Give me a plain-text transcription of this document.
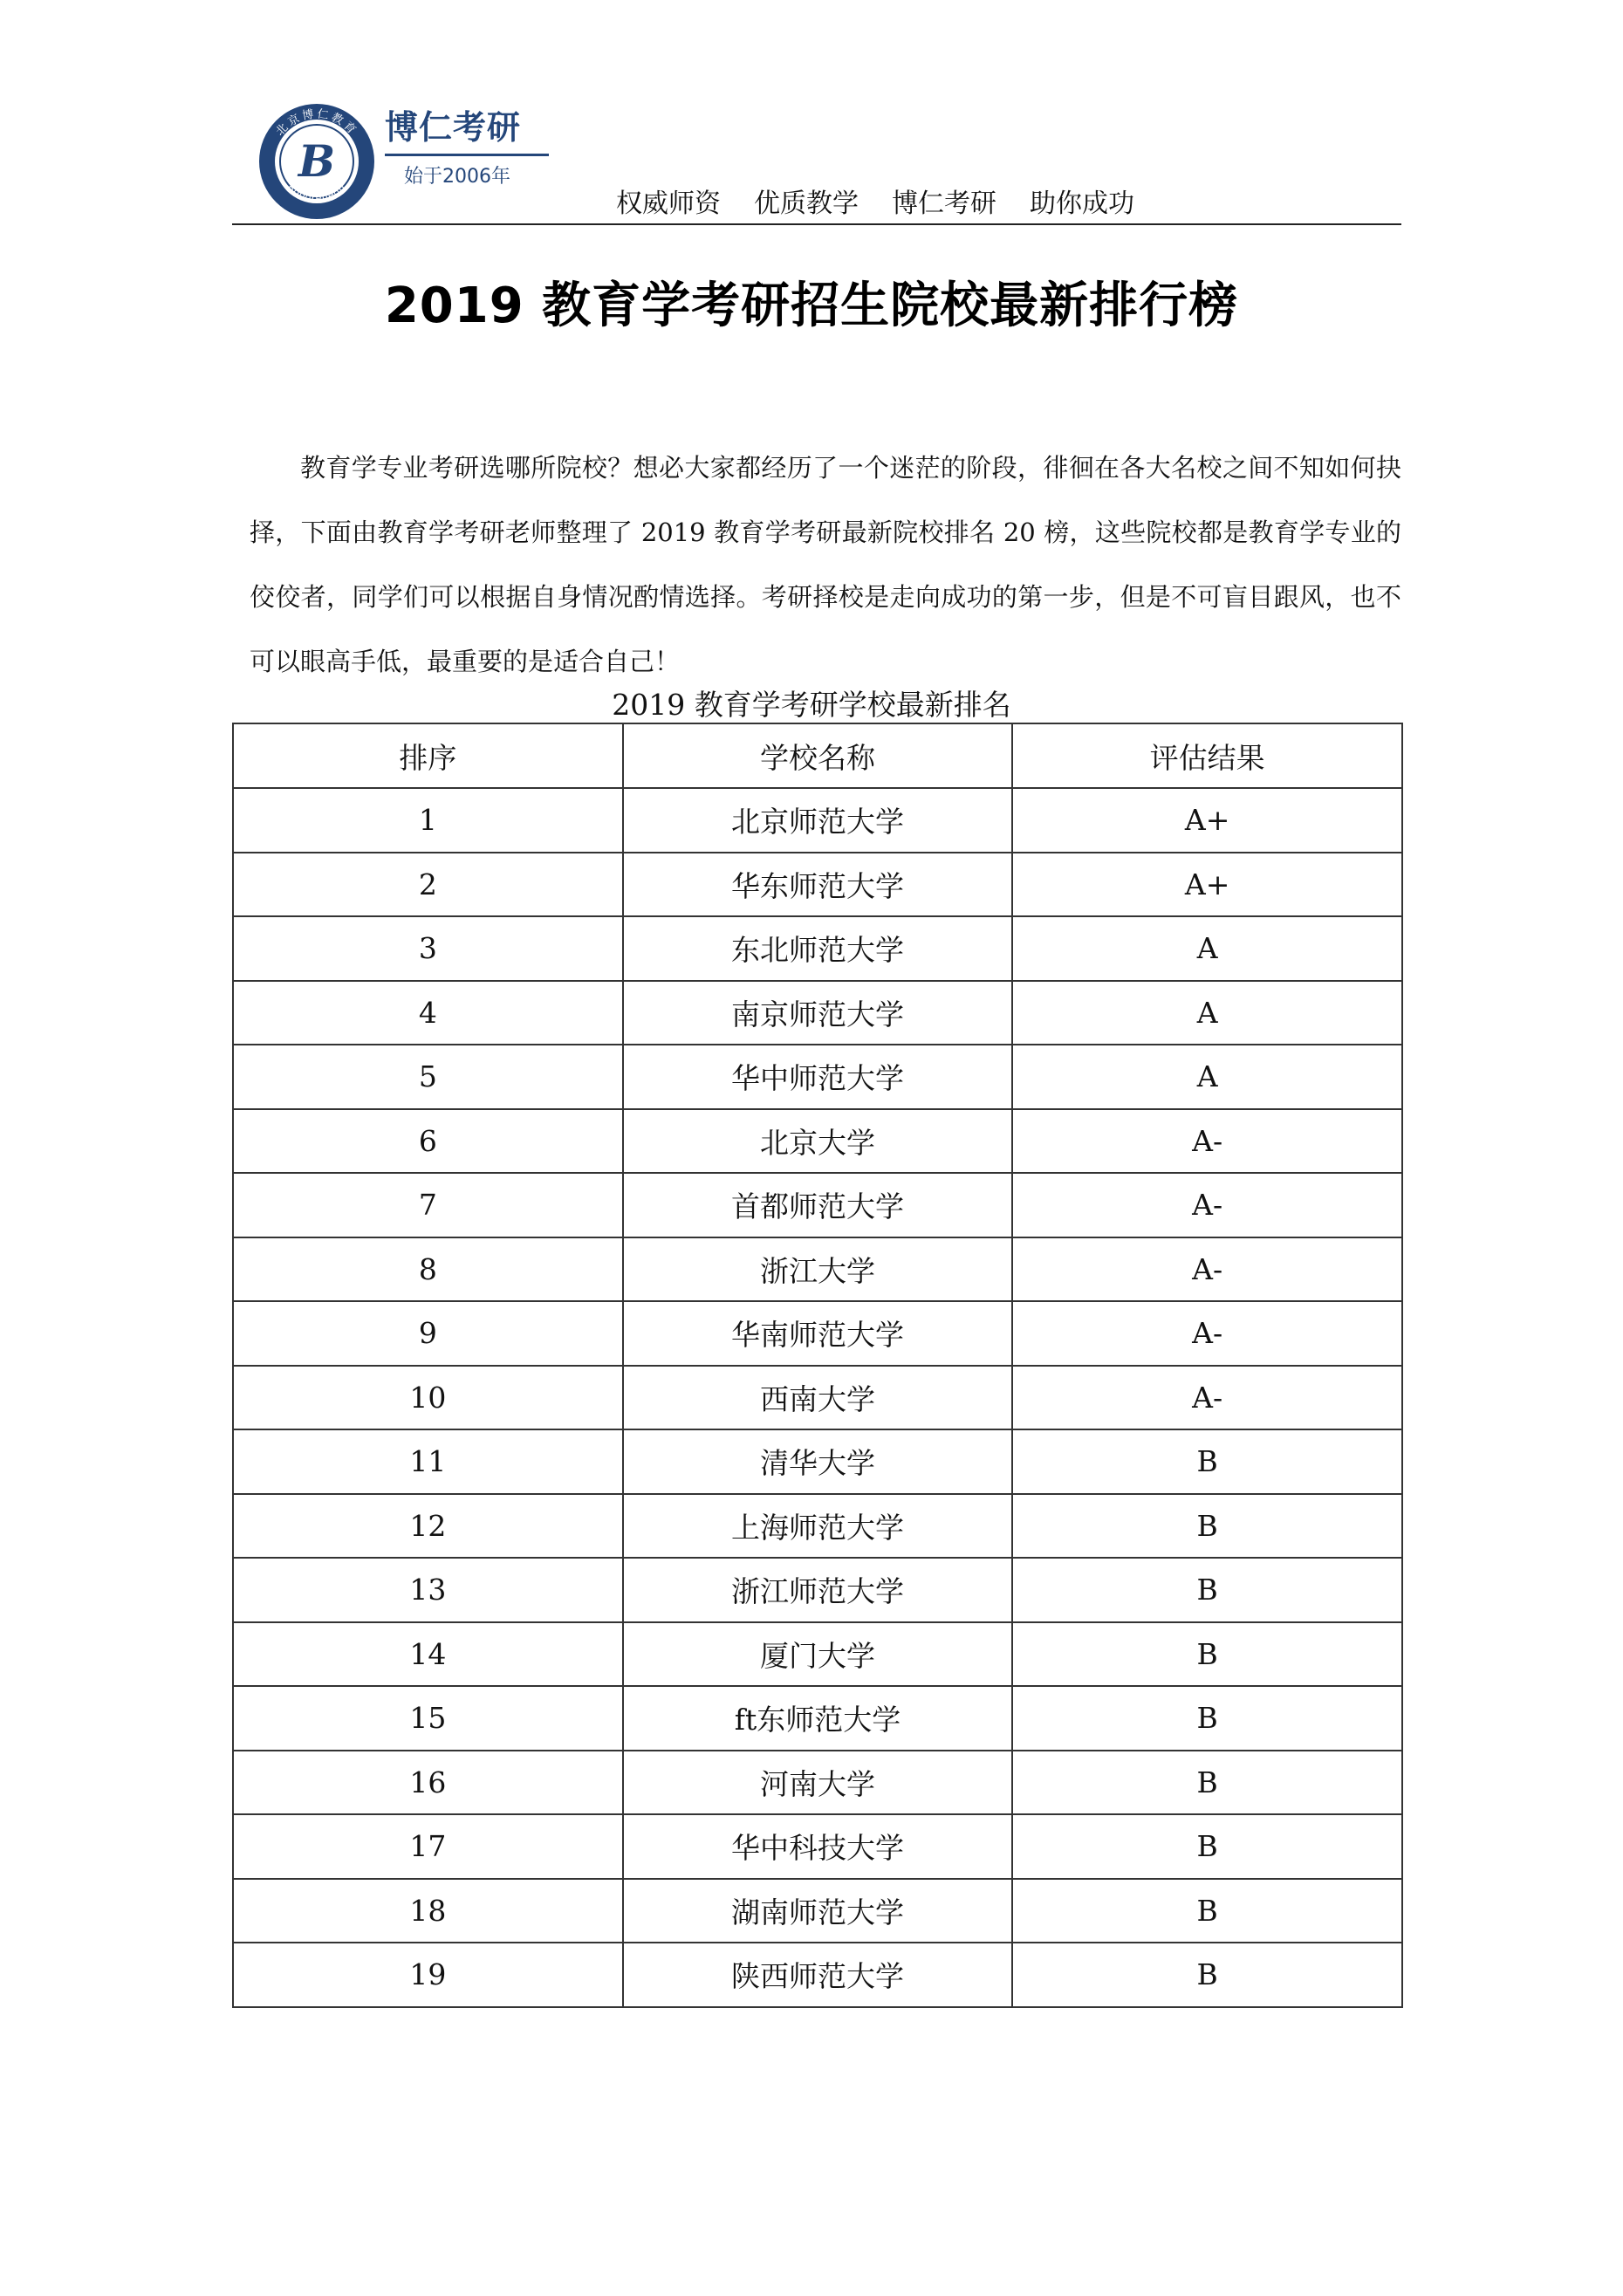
北京博仁教育
Boborenedu
B
博仁考研
始于2006年
权威师资 优质教学 博仁考研 助你成功
2019 教育学考研招生院校最新排行榜

教育学专业考研选哪所院校？想必大家都经历了一个迷茫的阶段，徘徊在各大名校之间不知如何抉择，下面由教育学考研老师整理了 2019 教育学考研最新院校排名 20 榜，这些院校都是教育学专业的佼佼者，同学们可以根据自身情况酌情选择。考研择校是走向成功的第一步，但是不可盲目跟风，也不可以眼高手低，最重要的是适合自己！

2019 教育学考研学校最新排名
排序	学校名称	评估结果
1	北京师范大学	A+
2	华东师范大学	A+
3	东北师范大学	A
4	南京师范大学	A
5	华中师范大学	A
6	北京大学	A-
7	首都师范大学	A-
8	浙江大学	A-
9	华南师范大学	A-
10	西南大学	A-
11	清华大学	B
12	上海师范大学	B
13	浙江师范大学	B
14	厦门大学	B
15	ft东师范大学	B
16	河南大学	B
17	华中科技大学	B
18	湖南师范大学	B
19	陕西师范大学	B
